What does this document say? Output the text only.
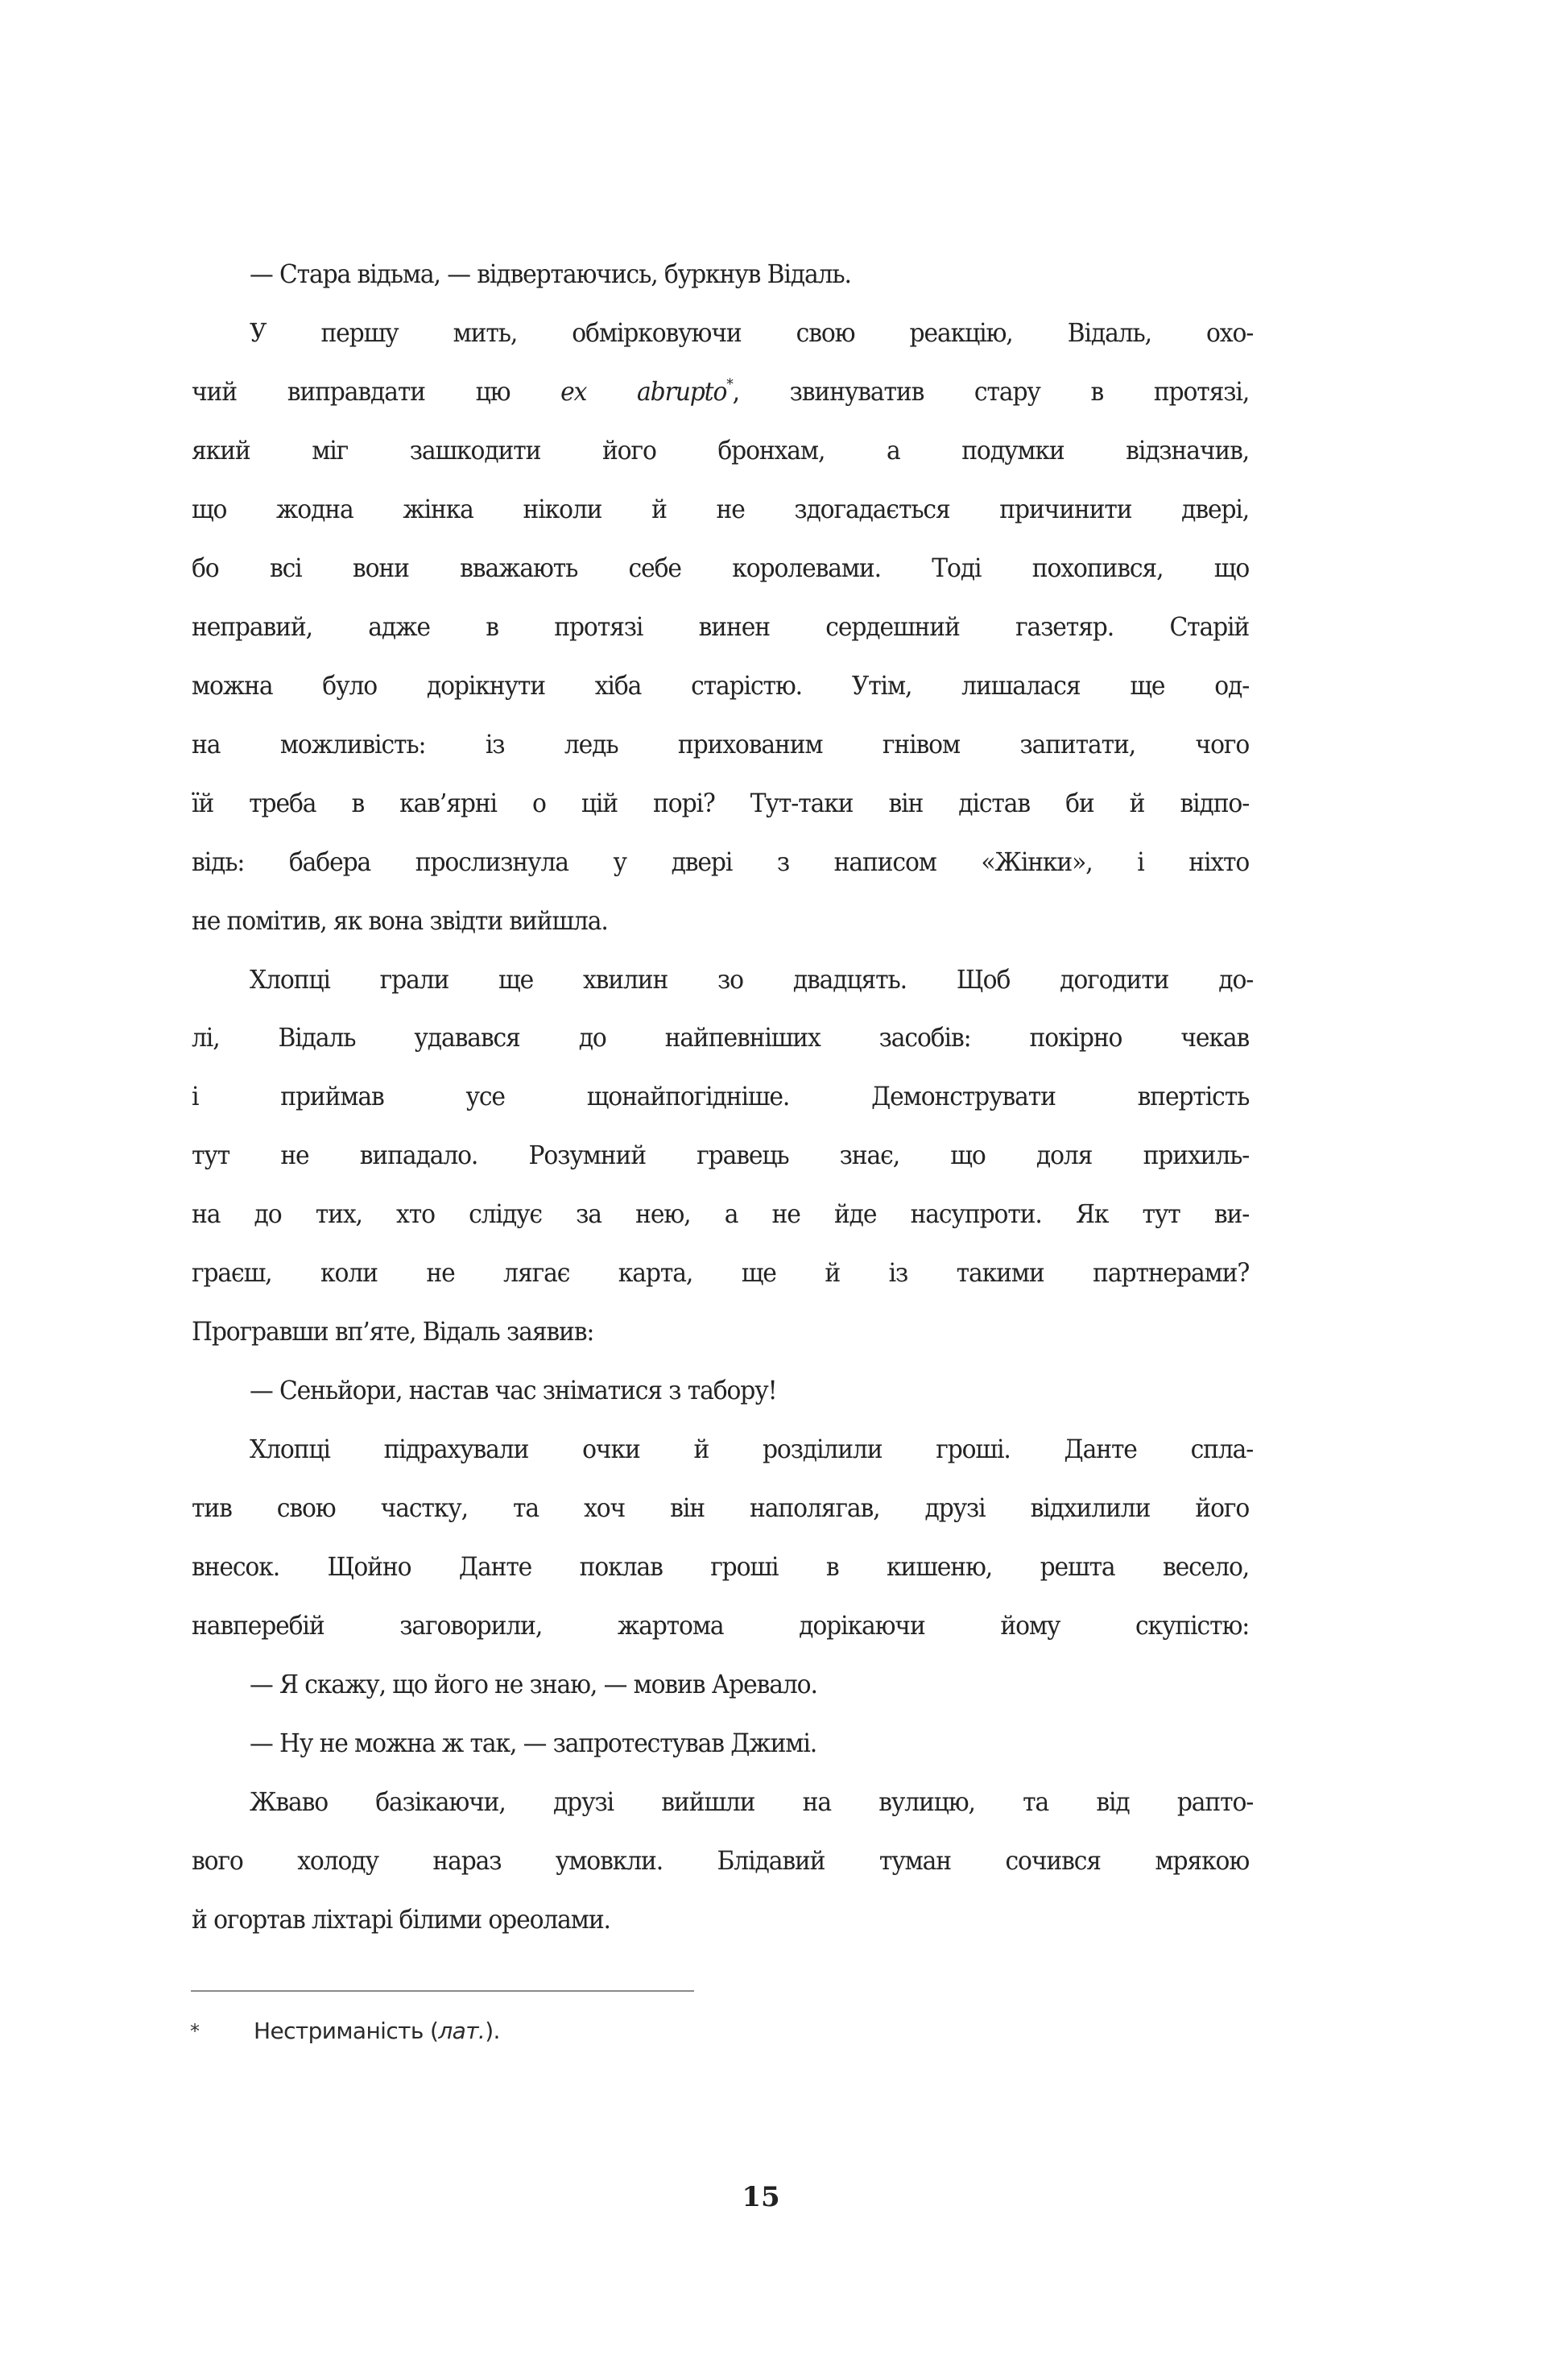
— Стара відьма, — відвертаючись, буркнув Відаль.
У першу мить, обмірковуючи свою реакцію, Відаль, охо-
чий виправдати цю ex abrupto*, звинуватив стару в протязі,
який міг зашкодити його бронхам, а подумки відзначив,
що жодна жінка ніколи й не здогадається причинити двері,
бо всі вони вважають себе королевами. Тоді похопився, що
неправий, адже в протязі винен сердешний газетяр. Старій
можна було дорікнути хіба старістю. Утім, лишалася ще од-
на можливість: із ледь прихованим гнівом запитати, чого
їй треба в кав’ярні о цій порі? Тут-таки він дістав би й відпо-
відь: бабера прослизнула у двері з написом «Жінки», і ніхто
не помітив, як вона звідти вийшла.
Хлопці грали ще хвилин зо двадцять. Щоб догодити до-
лі, Відаль удавався до найпевніших засобів: покірно чекав
і приймав усе щонайпогідніше. Демонструвати впертість
тут не випадало. Розумний гравець знає, що доля прихиль-
на до тих, хто слідує за нею, а не йде насупроти. Як тут ви-
граєш, коли не лягає карта, ще й із такими партнерами?
Програвши вп’яте, Відаль заявив:
— Сеньйори, настав час зніматися з табору!
Хлопці підрахували очки й розділили гроші. Данте спла-
тив свою частку, та хоч він наполягав, друзі відхилили його
внесок. Щойно Данте поклав гроші в кишеню, решта весело,
навперебій заговорили, жартома дорікаючи йому скупістю:
— Я скажу, що його не знаю, — мовив Аревало.
— Ну не можна ж так, — запротестував Джимі.
Жваво базікаючи, друзі вийшли на вулицю, та від рапто-
вого холоду нараз умовкли. Блідавий туман сочився мрякою
й огортав ліхтарі білими ореолами.
* Нестриманість (лат.).
15
